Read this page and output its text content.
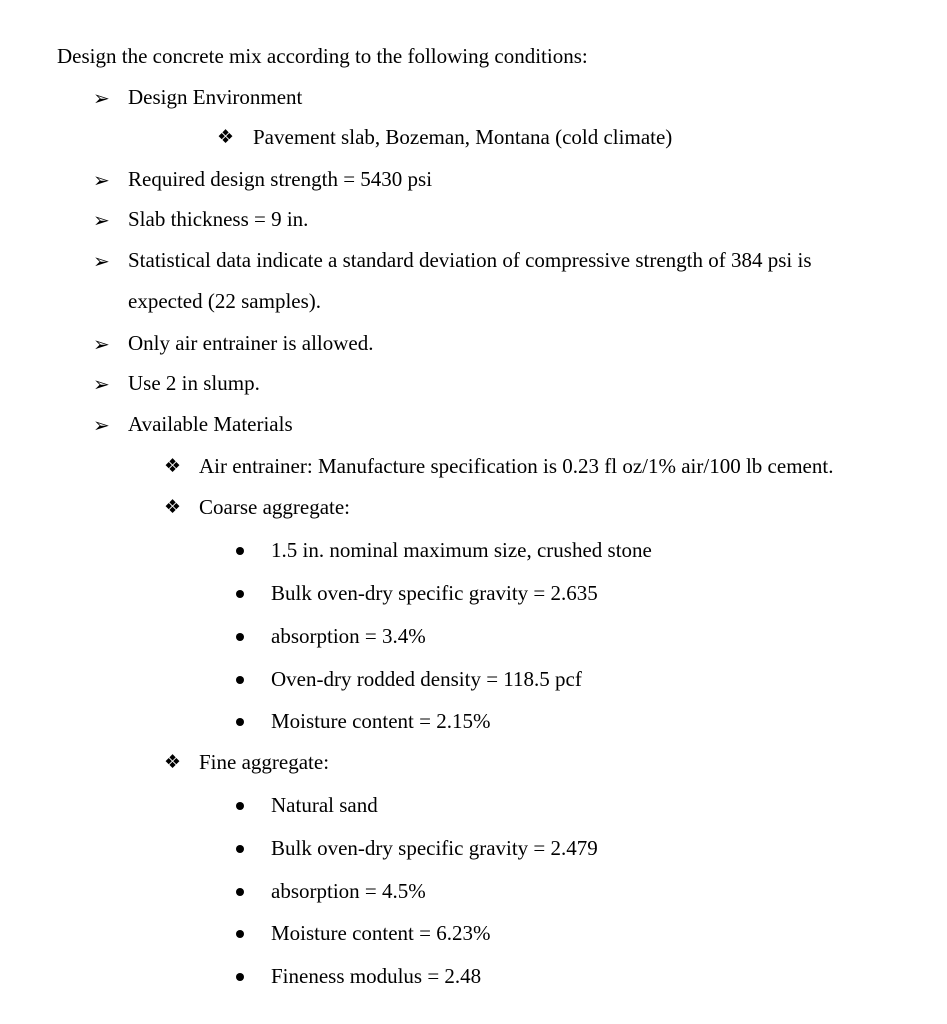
Design the concrete mix according to the following conditions:
➢ Design Environment
❖ Pavement slab, Bozeman, Montana (cold climate)
➢ Required design strength = 5430 psi
➢ Slab thickness = 9 in.
➢ Statistical data indicate a standard deviation of compressive strength of 384 psi is
expected (22 samples).
➢ Only air entrainer is allowed.
➢ Use 2 in slump.
➢ Available Materials
❖ Air entrainer: Manufacture specification is 0.23 fl oz/1% air/100 lb cement.
❖ Coarse aggregate:
1.5 in. nominal maximum size, crushed stone
Bulk oven-dry specific gravity = 2.635
absorption = 3.4%
Oven-dry rodded density = 118.5 pcf
Moisture content = 2.15%
❖ Fine aggregate:
Natural sand
Bulk oven-dry specific gravity = 2.479
absorption = 4.5%
Moisture content = 6.23%
Fineness modulus = 2.48
